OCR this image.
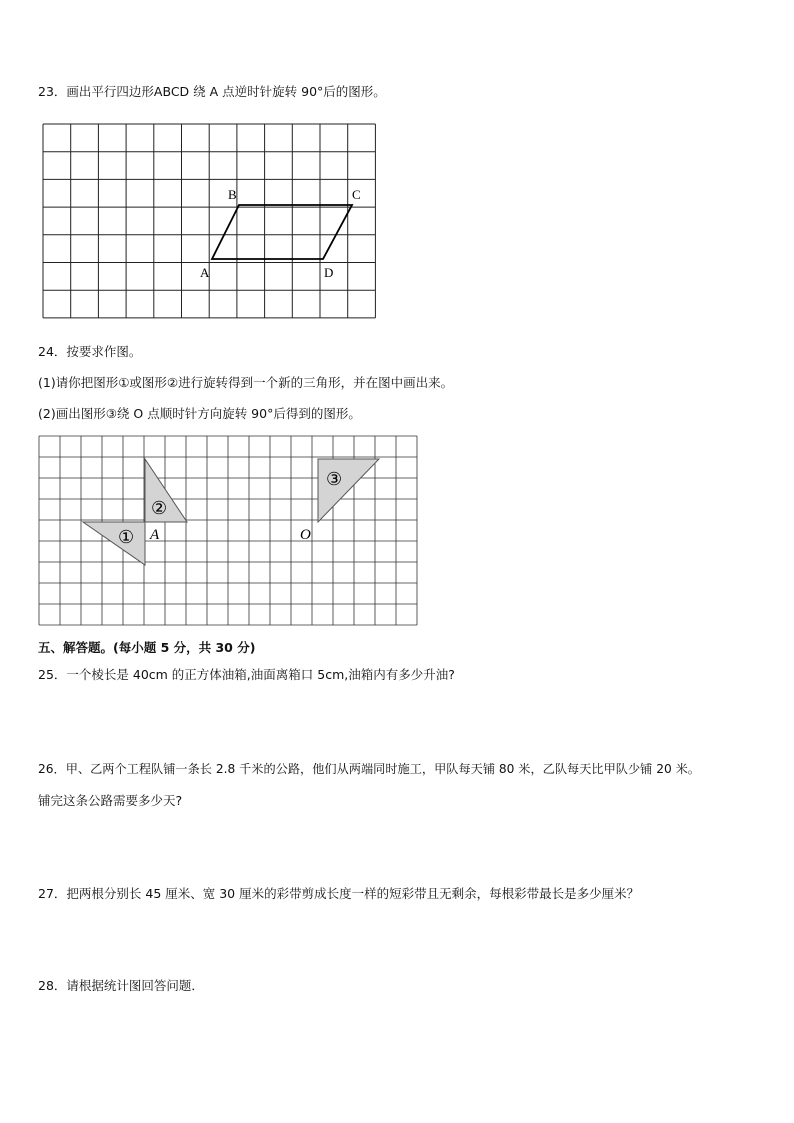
23．画出平行四边形ABCD 绕 A 点逆时针旋转 90°后的图形。
A
B	C
D
24．按要求作图。
(1)请你把图形①或图形②进行旋转得到一个新的三角形，并在图中画出来。
(2)画出图形③绕 O 点顺时针方向旋转 90°后得到的图形。
①
②
③
A	O
五、解答题。(每小题 5 分，共 30 分)
25．一个棱长是 40cm 的正方体油箱,油面离箱口 5cm,油箱内有多少升油?
26．甲、乙两个工程队铺一条长 2.8 千米的公路，他们从两端同时施工，甲队每天铺 80 米，乙队每天比甲队少铺 20 米。
铺完这条公路需要多少天?
27．把两根分别长 45 厘米、宽 30 厘米的彩带剪成长度一样的短彩带且无剩余，每根彩带最长是多少厘米？
28．请根据统计图回答问题．
